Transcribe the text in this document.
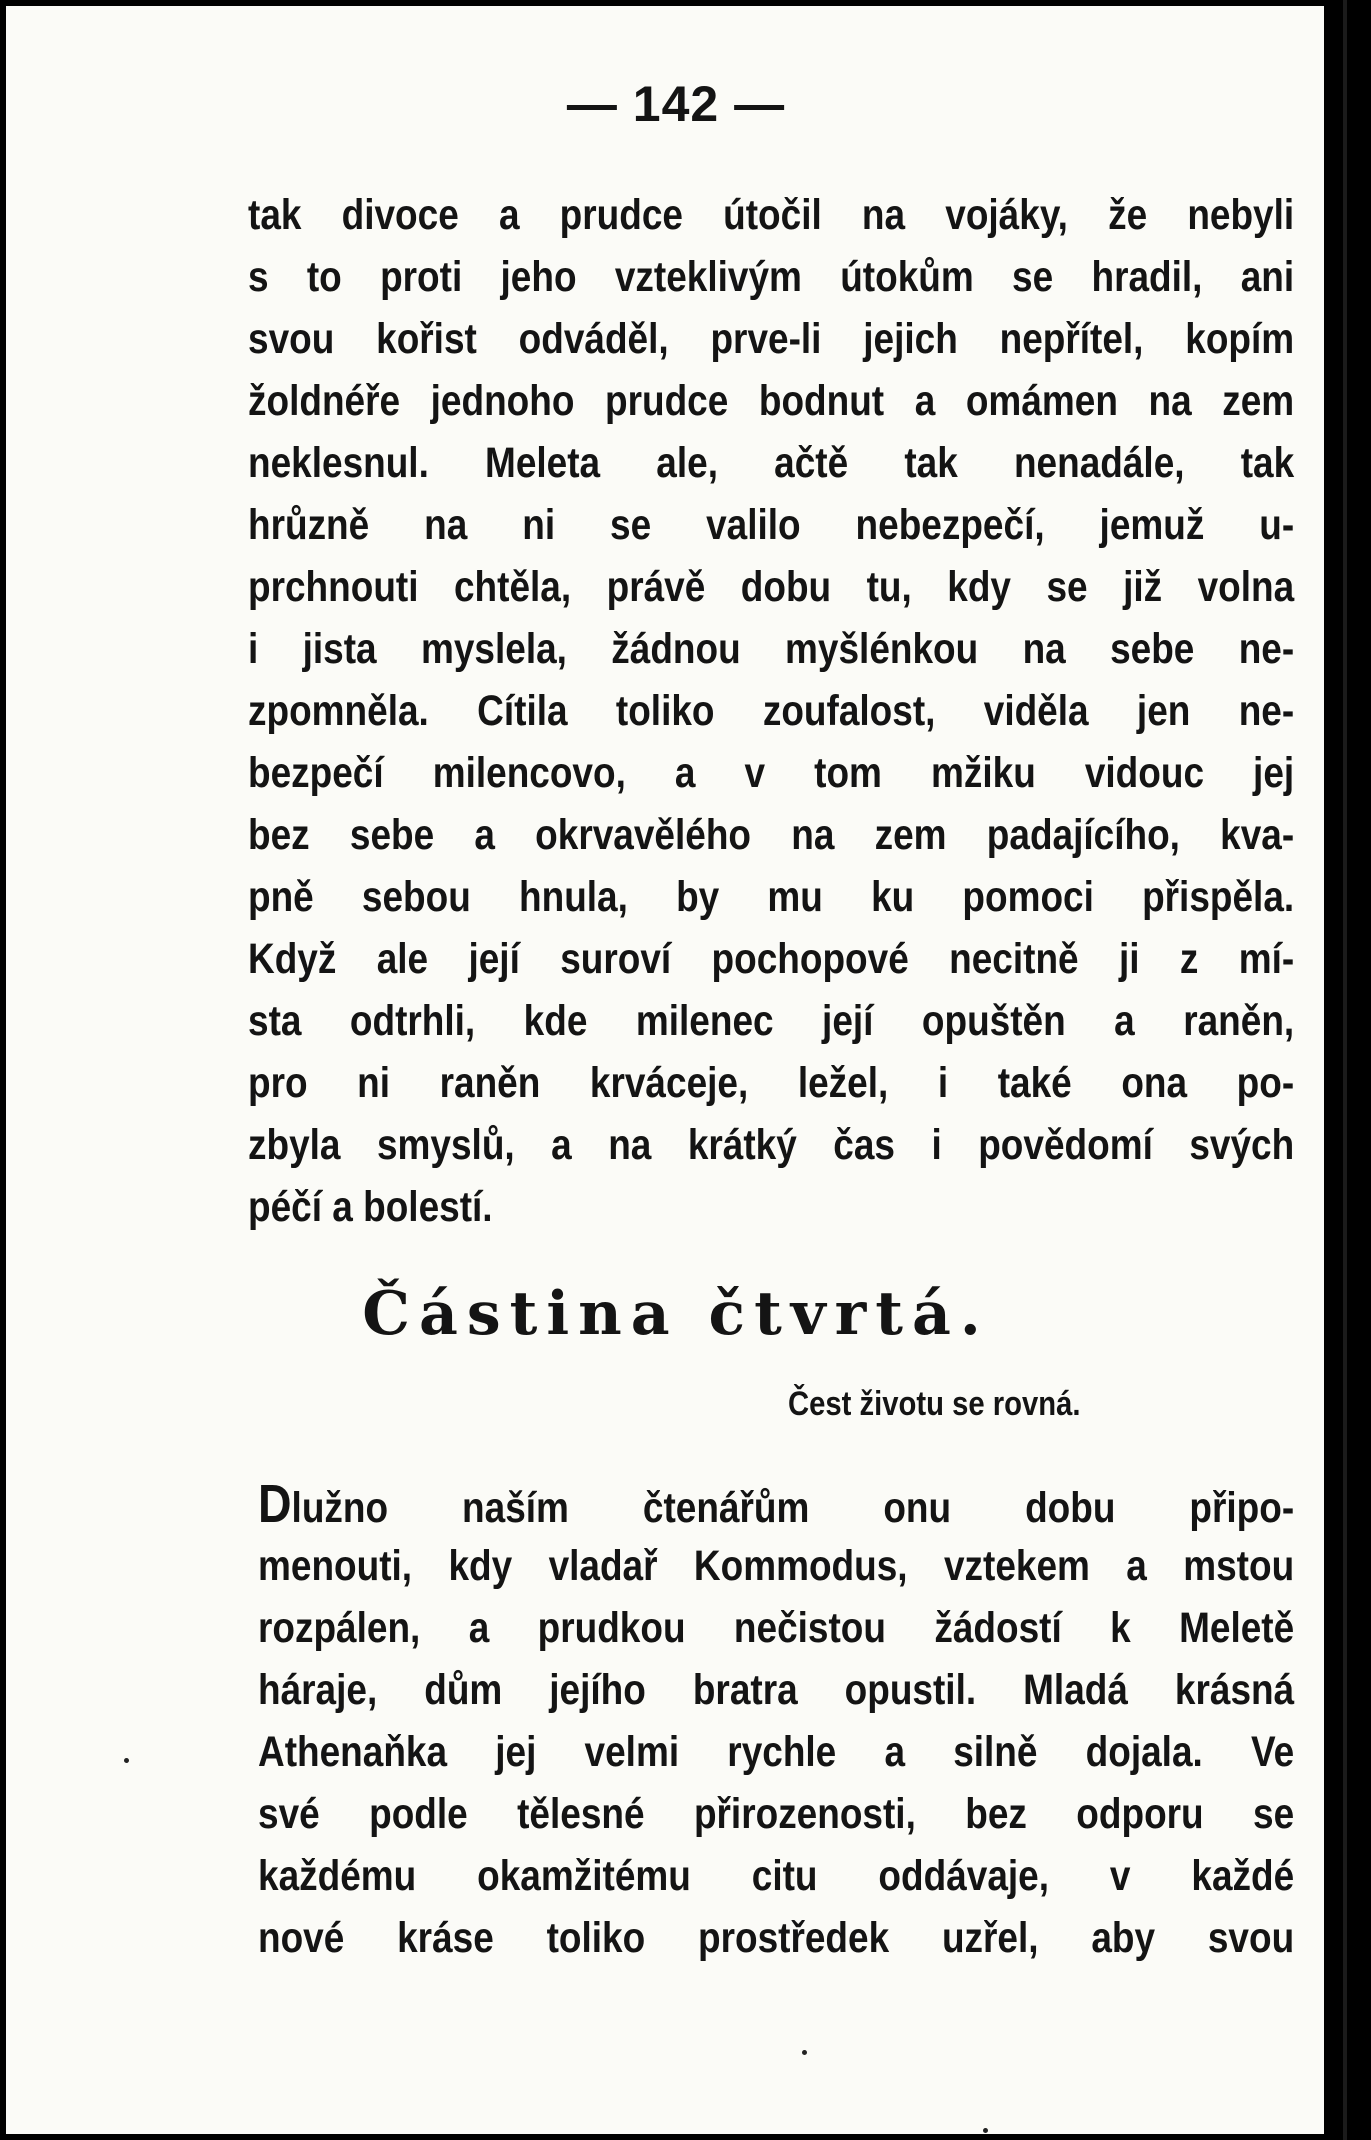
— 142 —
tak divoce a prudce útočil na vojáky, že nebyli
s to proti jeho vzteklivým útokům se hradil, ani
svou kořist odváděl, prve-li jejich nepřítel, kopím
žoldnéře jednoho prudce bodnut a omámen na zem
neklesnul. Meleta ale, ačtě tak nenadále, tak
hrůzně na ni se valilo nebezpečí, jemuž u-
prchnouti chtěla, právě dobu tu, kdy se již volna
i jista myslela, žádnou myšlénkou na sebe ne-
zpomněla. Cítila toliko zoufalost, viděla jen ne-
bezpečí milencovo, a v tom mžiku vidouc jej
bez sebe a okrvavělého na zem padajícího, kva-
pně sebou hnula, by mu ku pomoci přispěla.
Když ale její suroví pochopové necitně ji z mí-
sta odtrhli, kde milenec její opuštěn a raněn,
pro ni raněn krváceje, ležel, i také ona po-
zbyla smyslů, a na krátký čas i povědomí svých
péčí a bolestí.
Částina čtvrtá.
Čest životu se rovná.
Dlužno naším čtenářům onu dobu připo-
menouti, kdy vladař Kommodus, vztekem a mstou
rozpálen, a prudkou nečistou žádostí k Meletě
háraje, dům jejího bratra opustil. Mladá krásná
Athenaňka jej velmi rychle a silně dojala. Ve
své podle tělesné přirozenosti, bez odporu se
každému okamžitému citu oddávaje, v každé
nové kráse toliko prostředek uzřel, aby svou
